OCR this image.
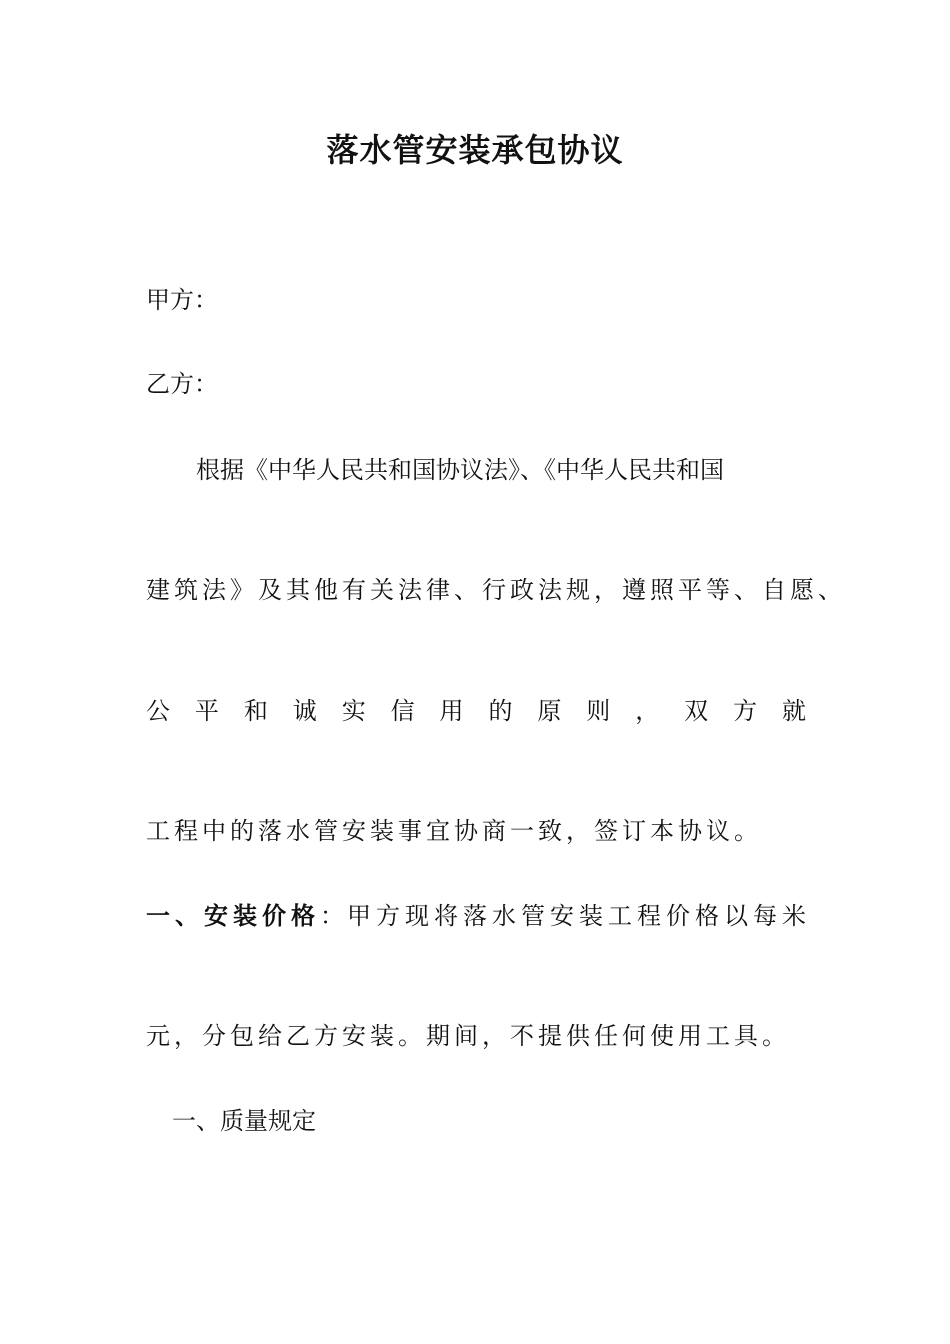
落水管安装承包协议
甲方：
乙方：
根据《中华人民共和国协议法》、《中华人民共和国
建筑法》及其他有关法律、行政法规，遵照平等、自愿、
公 平 和 诚 实 信 用 的 原 则 ， 双 方 就
工程中的落水管安装事宜协商一致，签订本协议。
一、安装价格：甲方现将落水管安装工程价格以每米
元，分包给乙方安装。期间，不提供任何使用工具。
一、质量规定
